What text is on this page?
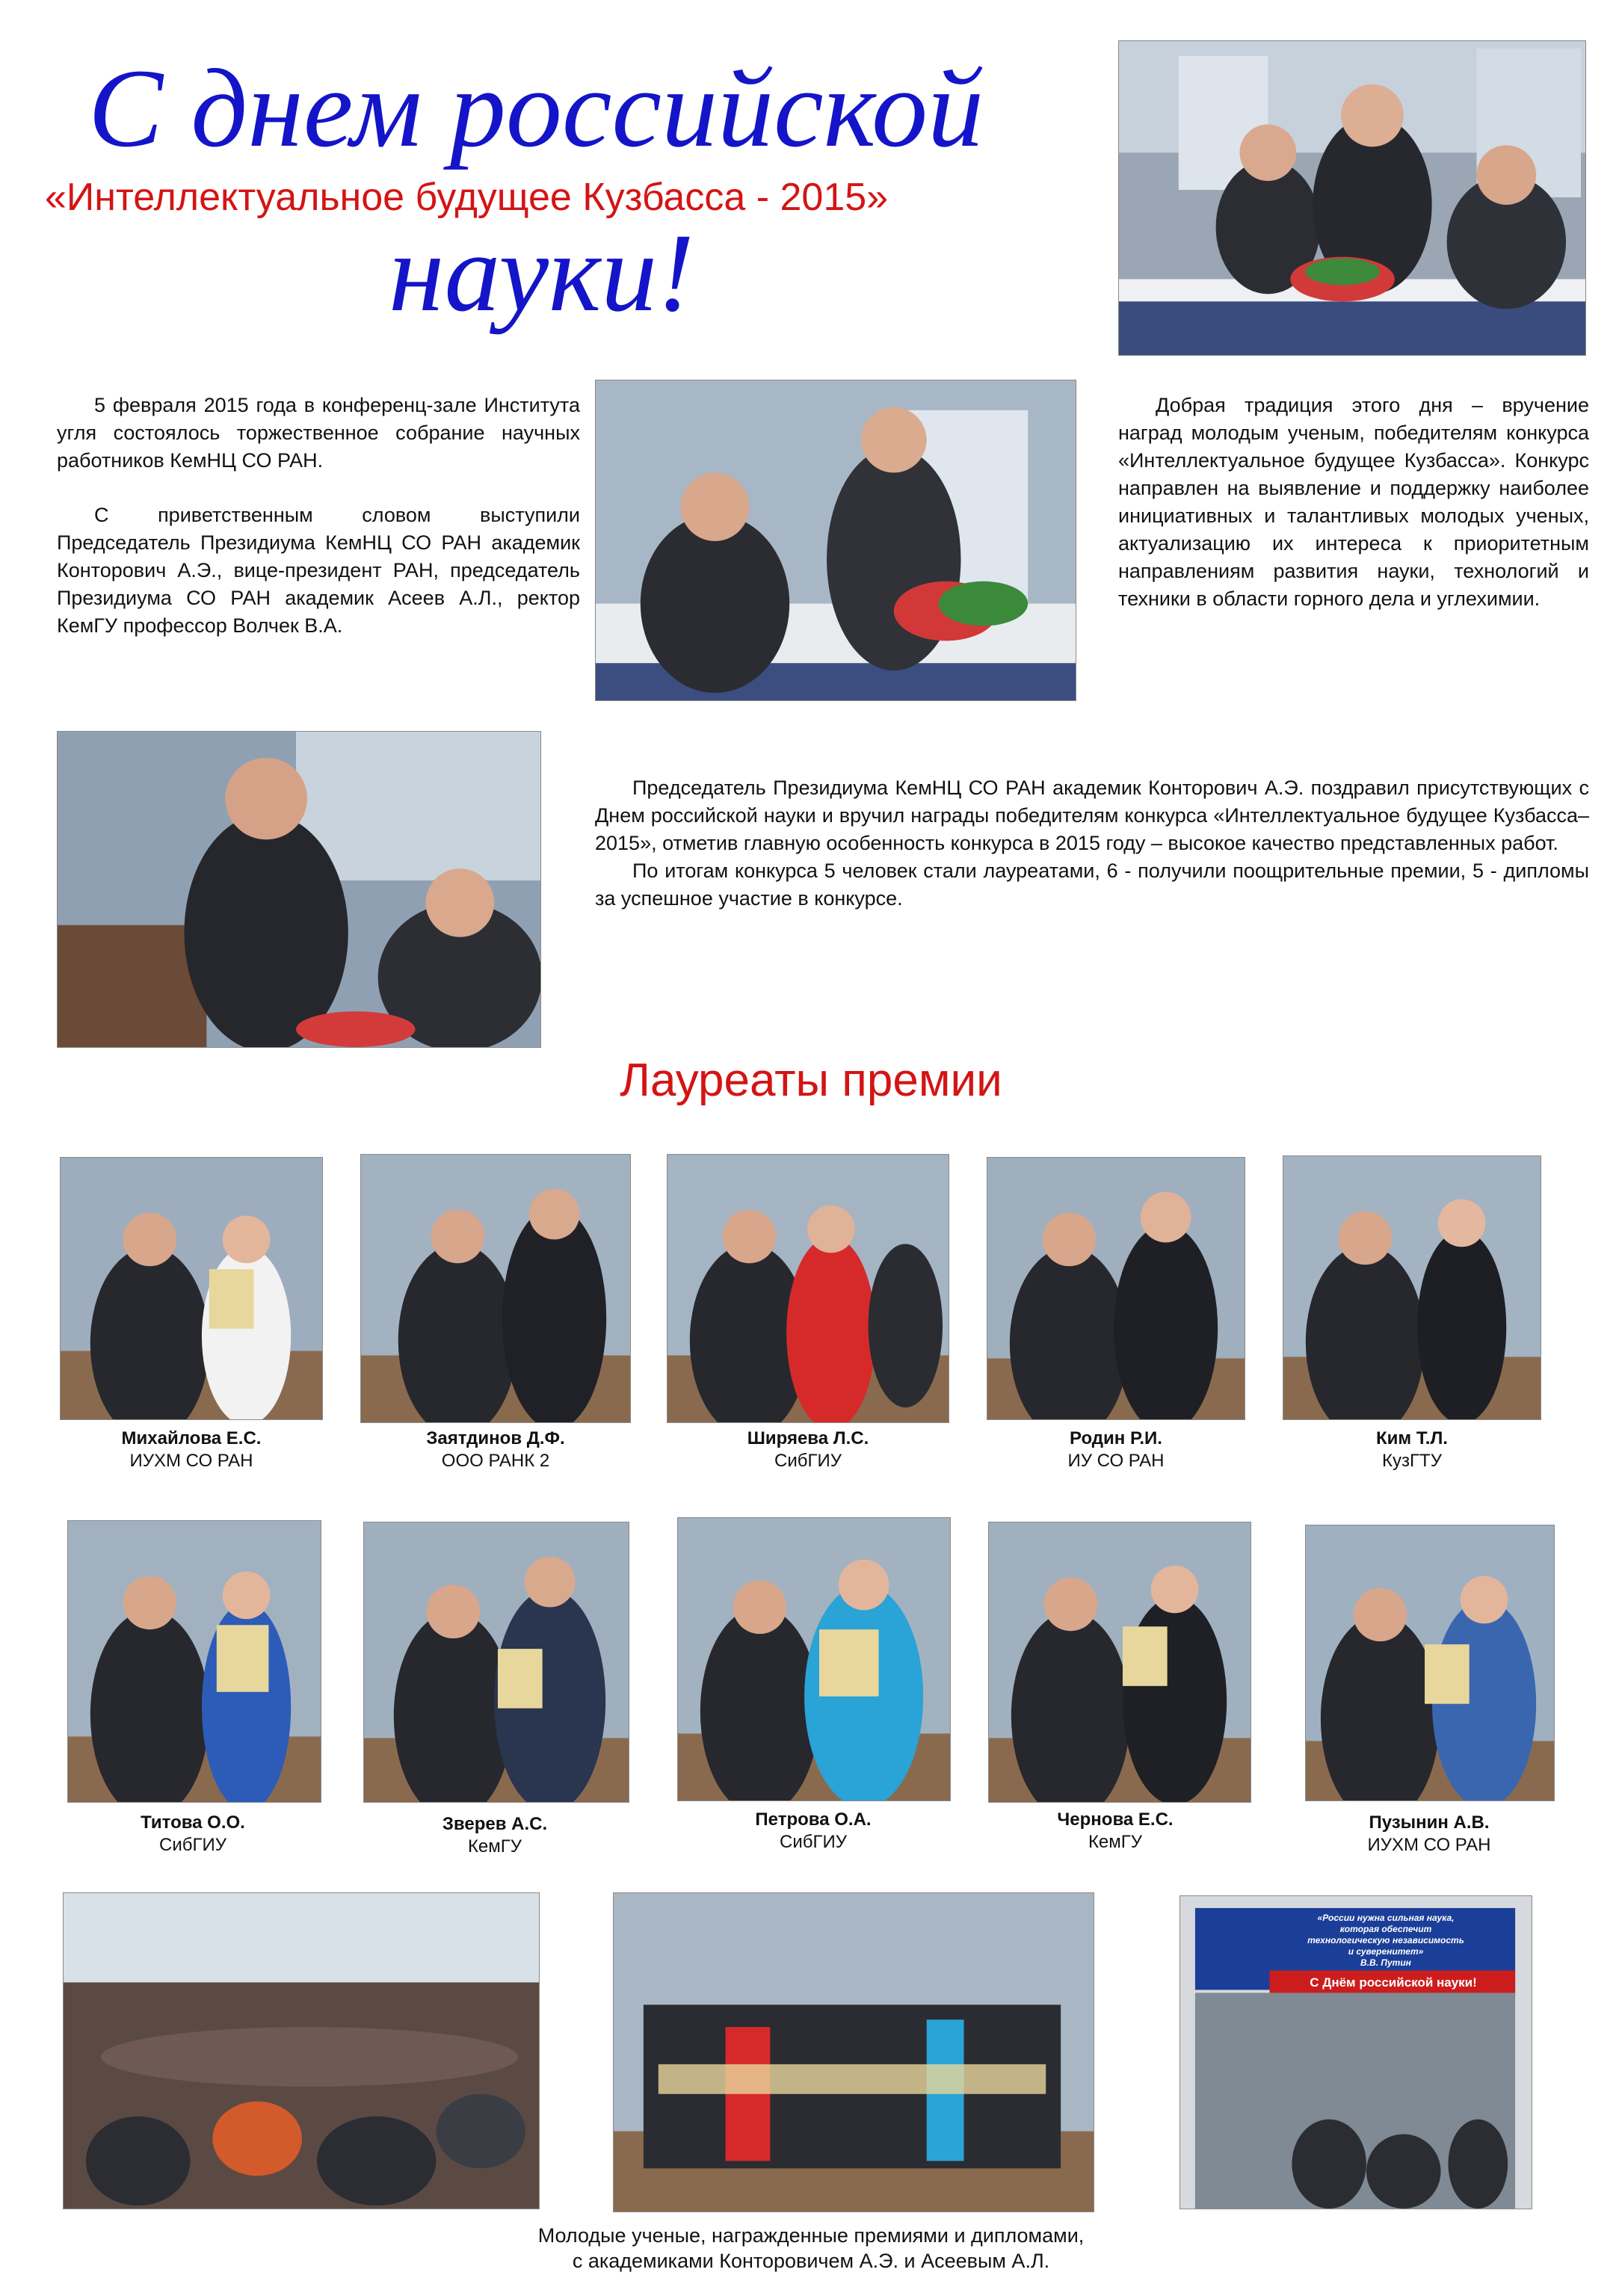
С днем российской
«Интеллектуальное будущее Кузбасса - 2015»
науки!

5 февраля 2015 года в конференц-зале Института угля состоялось торжественное собрание научных работников КемНЦ СО РАН.

С приветственным словом выступили Председатель Президиума КемНЦ СО РАН академик Конторович А.Э., вице-президент РАН, председатель Президиума СО РАН академик Асеев А.Л., ректор КемГУ профессор Волчек В.А.

Добрая традиция этого дня – вручение наград молодым ученым, победителям конкурса «Интеллектуальное будущее Кузбасса». Конкурс направлен на выявление и поддержку наиболее инициативных и талантливых молодых ученых, актуализацию их интереса к приоритетным направлениям развития науки, технологий и техники в области горного дела и углехимии.

Председатель Президиума КемНЦ СО РАН академик Конторович А.Э. поздравил присутствующих с Днем российской науки и вручил награды победителям конкурса «Интеллектуальное будущее Кузбасса–2015», отметив главную особенность конкурса в 2015 году – высокое качество представленных работ.

По итогам конкурса 5 человек стали лауреатами, 6 - получили поощрительные премии, 5 - дипломы за успешное участие в конкурсе.

Лауреаты премии
Михайлова Е.С.
ИУХМ СО РАН
Заятдинов Д.Ф.
ООО РАНК 2
Ширяева Л.С.
СибГИУ
Родин Р.И.
ИУ СО РАН
Ким Т.Л.
КузГТУ
Титова О.О.
СибГИУ
Зверев А.С.
КемГУ
Петрова О.А.
СибГИУ
Чернова Е.С.
КемГУ
Пузынин А.В.
ИУХМ СО РАН
«России нужна сильная наука,
которая обеспечит
технологическую независимость
и суверенитет»
В.В. Путин
С Днём российской науки!
Молодые ученые, награжденные премиями и дипломами,
с академиками Конторовичем А.Э. и Асеевым А.Л.
